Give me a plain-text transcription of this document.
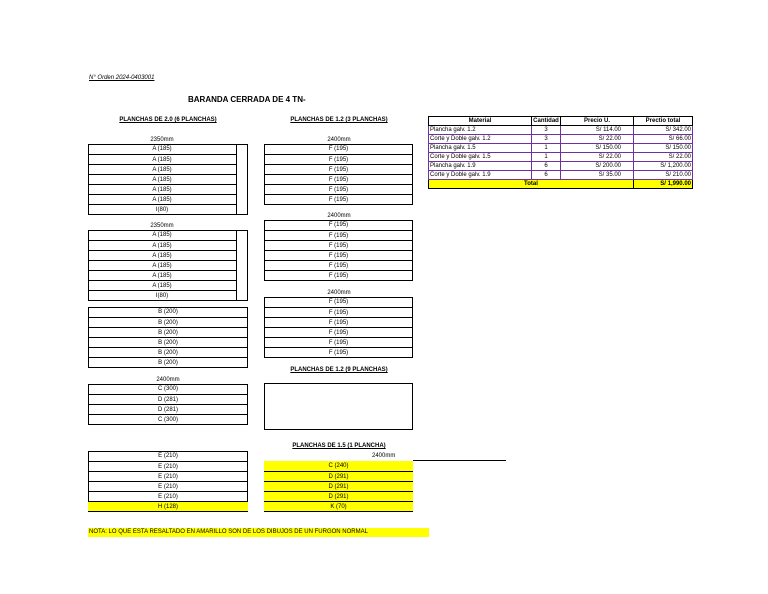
N° Orden 2024-0403001
BARANDA CERRADA DE 4 TN-
PLANCHAS DE 2.0 (6 PLANCHAS)	PLANCHAS DE 1.2 (3 PLANCHAS)
2350mm
A (185)
A (185)
A (185)
A (185)
A (185)
A (185)
I(80)
2350mm
A (185)
A (185)
A (185)
A (185)
A (185)
A (185)
I(80)
B (200)
B (200)
B (200)
B (200)
B (200)
B (200)
2400mm
C (300)
D (281)
D (281)
C (300)
E (210)
E (210)
E (210)
E (210)
E (210)
H (128)
2400mm
F (195)
F (195)
F (195)
F (195)
F (195)
F (195)
2400mm
F (195)
F (195)
F (195)
F (195)
F (195)
F (195)
2400mm
F (195)
F (195)
F (195)
F (195)
F (195)
F (195)
PLANCHAS DE 1.2 (9 PLANCHAS)
PLANCHAS DE 1.5 (1 PLANCHA)
2400mm
C (240)
D (291)
D (291)
D (291)
K (70)
Material	Cantidad	Precio U.	Prectio total
Plancha galv. 1.2	3	S/ 114.00	S/ 342.00
Corte y Doble galv. 1.2	3	S/ 22.00	S/ 66.00
Plancha galv. 1.5	1	S/ 150.00	S/ 150.00
Corte y Doble galv. 1.5	1	S/ 22.00	S/ 22.00
Plancha galv. 1.9	6	S/ 200.00	S/ 1,200.00
Corte y Doble galv. 1.9	6	S/ 35.00	S/ 210.00
Total			S/ 1,990.00
NOTA: LO QUE ESTA RESALTADO EN AMARILLO SON DE LOS DIBUJOS DE UN FURGON NORMAL
